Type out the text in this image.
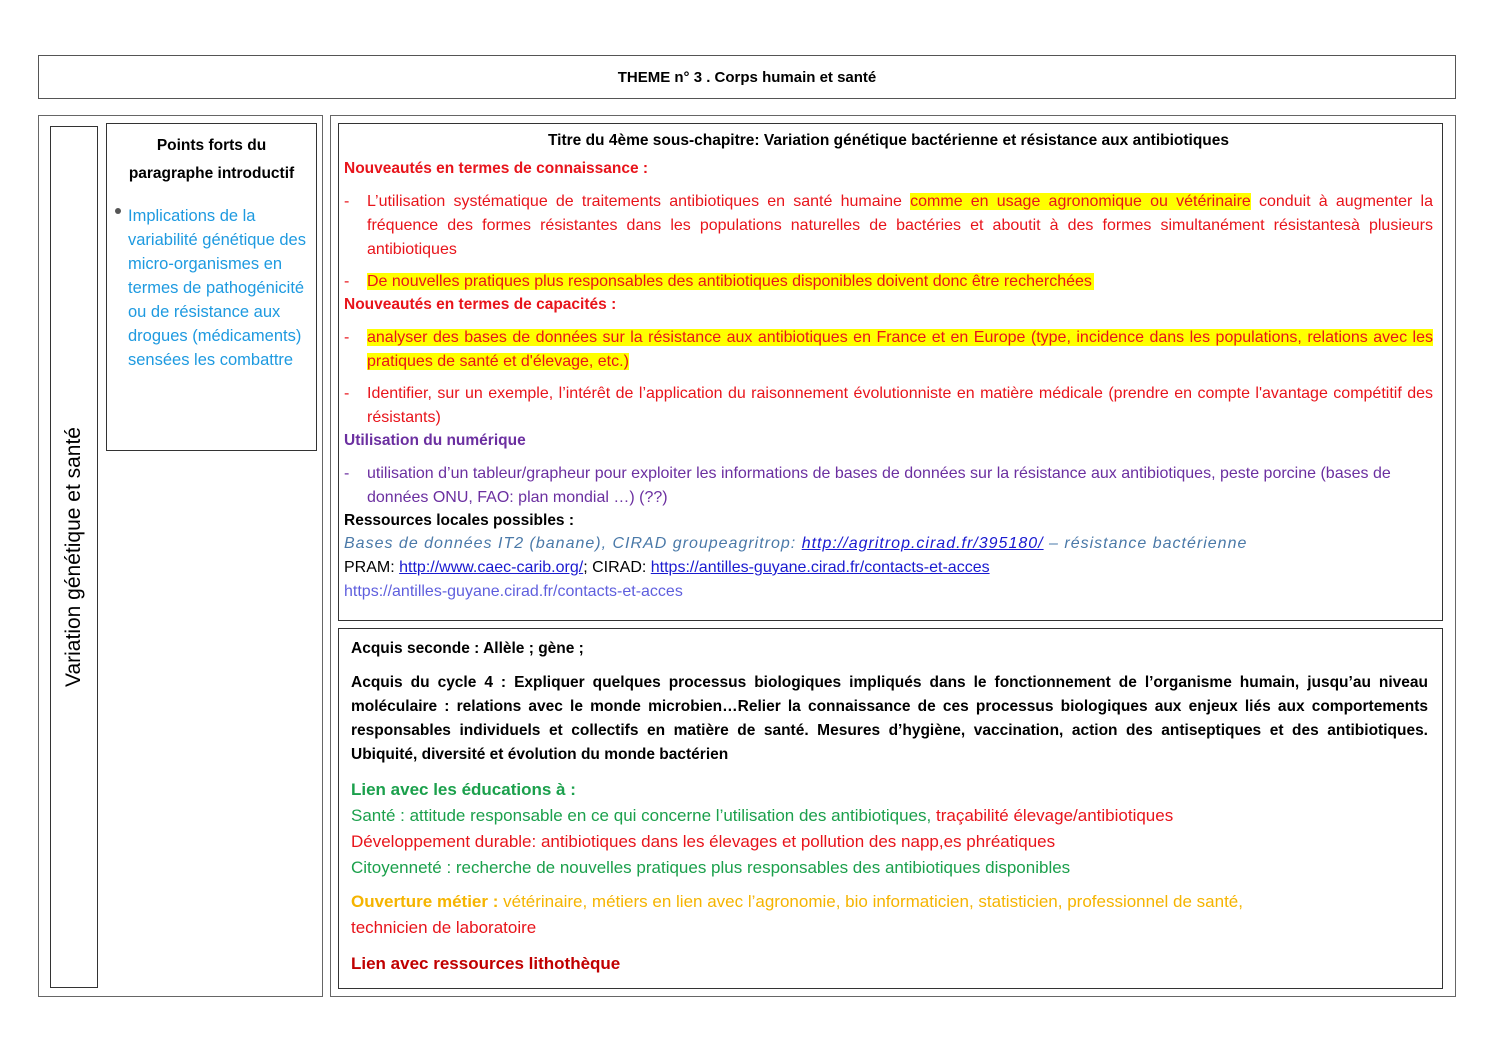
THEME n° 3 . Corps humain et santé
Variation génétique et santé
Points forts du
paragraphe introductif
Implications de la variabilité génétique des micro-organismes en termes de pathogénicité ou de résistance aux drogues (médicaments) sensées les combattre
Titre du 4ème sous-chapitre: Variation génétique bactérienne et résistance aux antibiotiques
Nouveautés en termes de connaissance :
- L’utilisation systématique de traitements antibiotiques en santé humaine comme en usage agronomique ou vétérinaire conduit à augmenter la fréquence des formes résistantes dans les populations naturelles de bactéries et aboutit à des formes simultanément résistantesà plusieurs antibiotiques
- De nouvelles pratiques plus responsables des antibiotiques disponibles doivent donc être recherchées
Nouveautés en termes de capacités :
- analyser des bases de données sur la résistance aux antibiotiques en France et en Europe (type, incidence dans les populations, relations avec les pratiques de santé et d'élevage, etc.)
- Identifier, sur un exemple, l’intérêt de l’application du raisonnement évolutionniste en matière médicale (prendre en compte l'avantage compétitif des résistants)
Utilisation du numérique
- utilisation d’un tableur/grapheur pour exploiter les informations de bases de données sur la résistance aux antibiotiques, peste porcine (bases de données ONU, FAO: plan mondial …) (??)
Ressources locales possibles :
Bases de données IT2 (banane), CIRAD groupeagritrop: http://agritrop.cirad.fr/395180/ – résistance bactérienne
PRAM: http://www.caec-carib.org/; CIRAD: https://antilles-guyane.cirad.fr/contacts-et-acces
https://antilles-guyane.cirad.fr/contacts-et-acces
Acquis seconde : Allèle ; gène ;
Acquis du cycle 4 : Expliquer quelques processus biologiques impliqués dans le fonctionnement de l’organisme humain, jusqu’au niveau moléculaire : relations avec le monde microbien…Relier la connaissance de ces processus biologiques aux enjeux liés aux comportements responsables individuels et collectifs en matière de santé. Mesures d’hygiène, vaccination, action des antiseptiques et des antibiotiques. Ubiquité, diversité et évolution du monde bactérien
Lien avec les éducations à :
Santé : attitude responsable en ce qui concerne l’utilisation des antibiotiques, traçabilité élevage/antibiotiques
Développement durable: antibiotiques dans les élevages et pollution des napp,es phréatiques
Citoyenneté : recherche de nouvelles pratiques plus responsables des antibiotiques disponibles
Ouverture métier : vétérinaire, métiers en lien avec l’agronomie, bio informaticien, statisticien, professionnel de santé,
technicien de laboratoire
Lien avec ressources lithothèque
